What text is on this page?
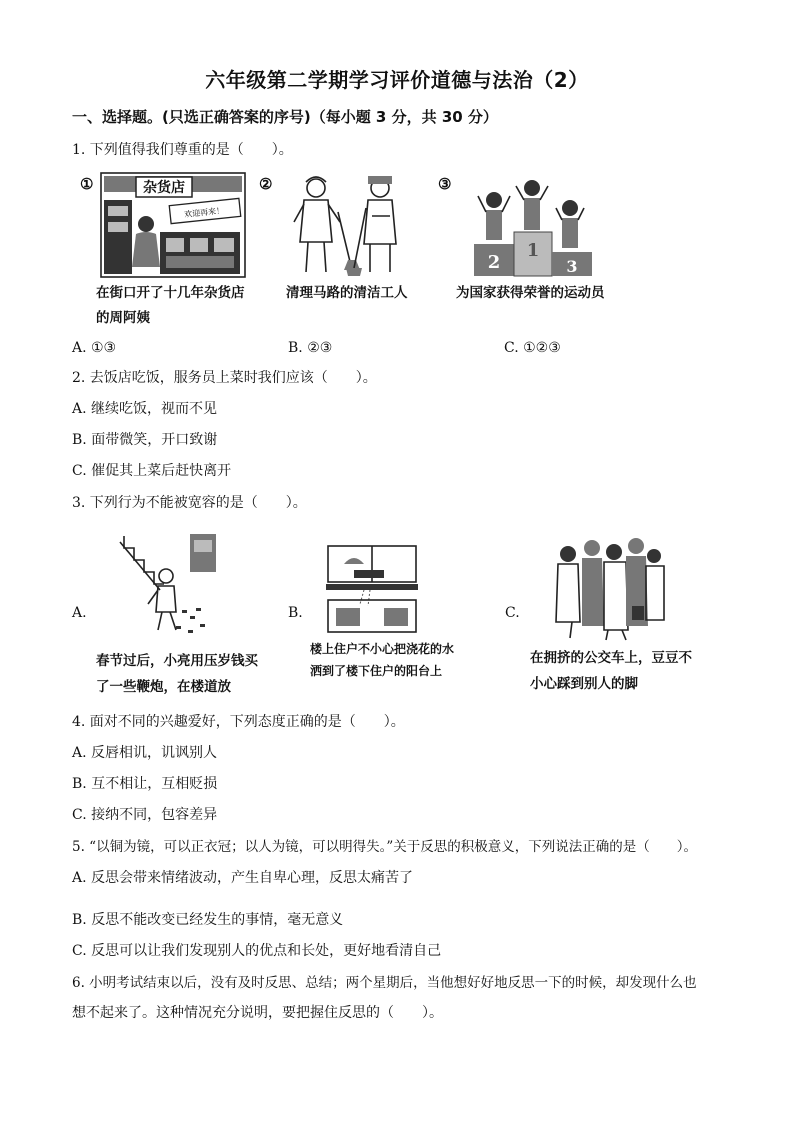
六年级第二学期学习评价道德与法治（2）
一、选择题。(只选正确答案的序号)（每小题 3 分，共 30 分）
1. 下列值得我们尊重的是（　　）。
①	杂货店
欢迎再来！
在街口开了十几年杂货店
的周阿姨
②
清理马路的清洁工人
③
2
1
3
为国家获得荣誉的运动员
A. ①③	B. ②③	C. ①②③
2. 去饭店吃饭，服务员上菜时我们应该（　　）。
A. 继续吃饭，视而不见
B. 面带微笑，开口致谢
C. 催促其上菜后赶快离开
3. 下列行为不能被宽容的是（　　）。
A.
春节过后，小亮用压岁钱买
了一些鞭炮，在楼道放
B.
楼上住户不小心把浇花的水
洒到了楼下住户的阳台上
C.
在拥挤的公交车上，豆豆不
小心踩到别人的脚
4. 面对不同的兴趣爱好，下列态度正确的是（　　）。
A. 反唇相讥，讥讽别人
B. 互不相让，互相贬损
C. 接纳不同，包容差异
5. “以铜为镜，可以正衣冠；以人为镜，可以明得失。”关于反思的积极意义，下列说法正确的是（　　）。
A. 反思会带来情绪波动，产生自卑心理，反思太痛苦了
B. 反思不能改变已经发生的事情，毫无意义
C. 反思可以让我们发现别人的优点和长处，更好地看清自己
6. 小明考试结束以后，没有及时反思、总结；两个星期后，当他想好好地反思一下的时候，却发现什么也
想不起来了。这种情况充分说明，要把握住反思的（　　）。
